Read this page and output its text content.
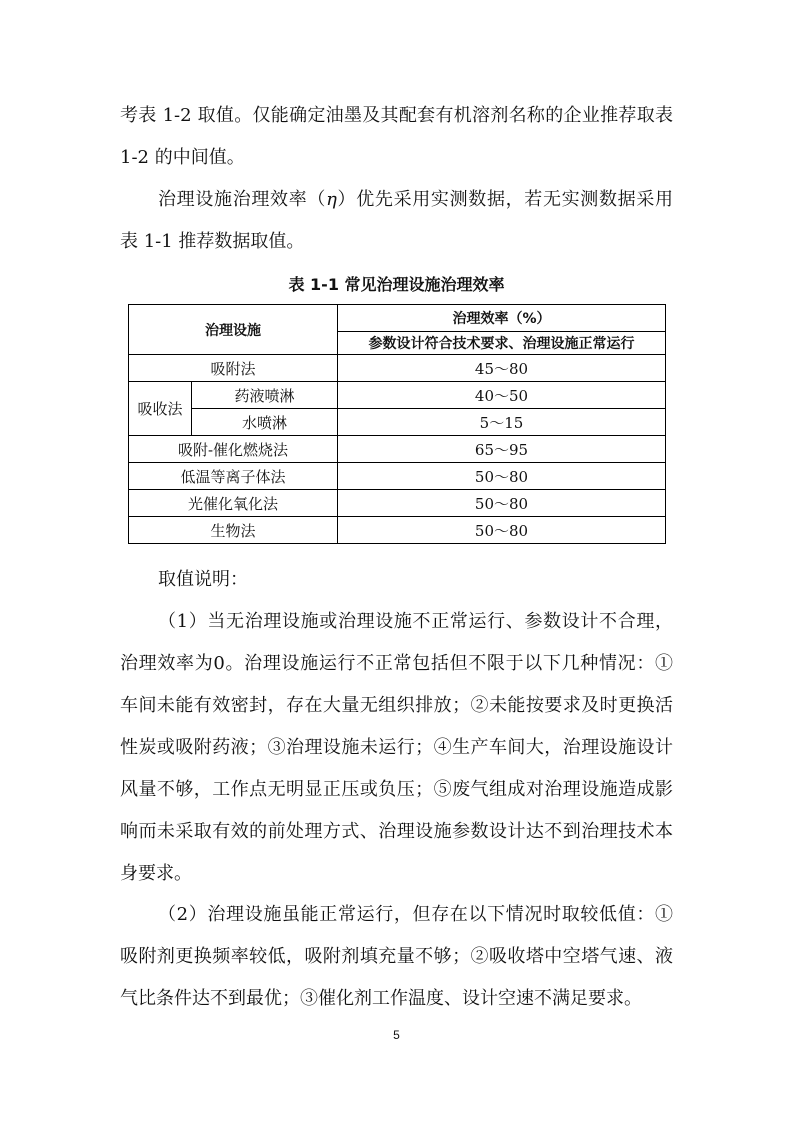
考表 1-2 取值。仅能确定油墨及其配套有机溶剂名称的企业推荐取表
1-2 的中间值。
治理设施治理效率（η）优先采用实测数据，若无实测数据采用
表 1-1 推荐数据取值。
表 1-1 常见治理设施治理效率
治理设施		治理效率（%）
		参数设计符合技术要求、治理设施正常运行
吸附法		45～80
吸收法	药液喷淋	40～50
	水喷淋	5～15
吸附-催化燃烧法		65～95
低温等离子体法		50～80
光催化氧化法		50～80
生物法		50～80
取值说明：
（1）当无治理设施或治理设施不正常运行、参数设计不合理，
治理效率为0。治理设施运行不正常包括但不限于以下几种情况：①
车间未能有效密封，存在大量无组织排放；②未能按要求及时更换活
性炭或吸附药液；③治理设施未运行；④生产车间大，治理设施设计
风量不够，工作点无明显正压或负压；⑤废气组成对治理设施造成影
响而未采取有效的前处理方式、治理设施参数设计达不到治理技术本
身要求。
（2）治理设施虽能正常运行，但存在以下情况时取较低值：①
吸附剂更换频率较低，吸附剂填充量不够；②吸收塔中空塔气速、液
气比条件达不到最优；③催化剂工作温度、设计空速不满足要求。
5
